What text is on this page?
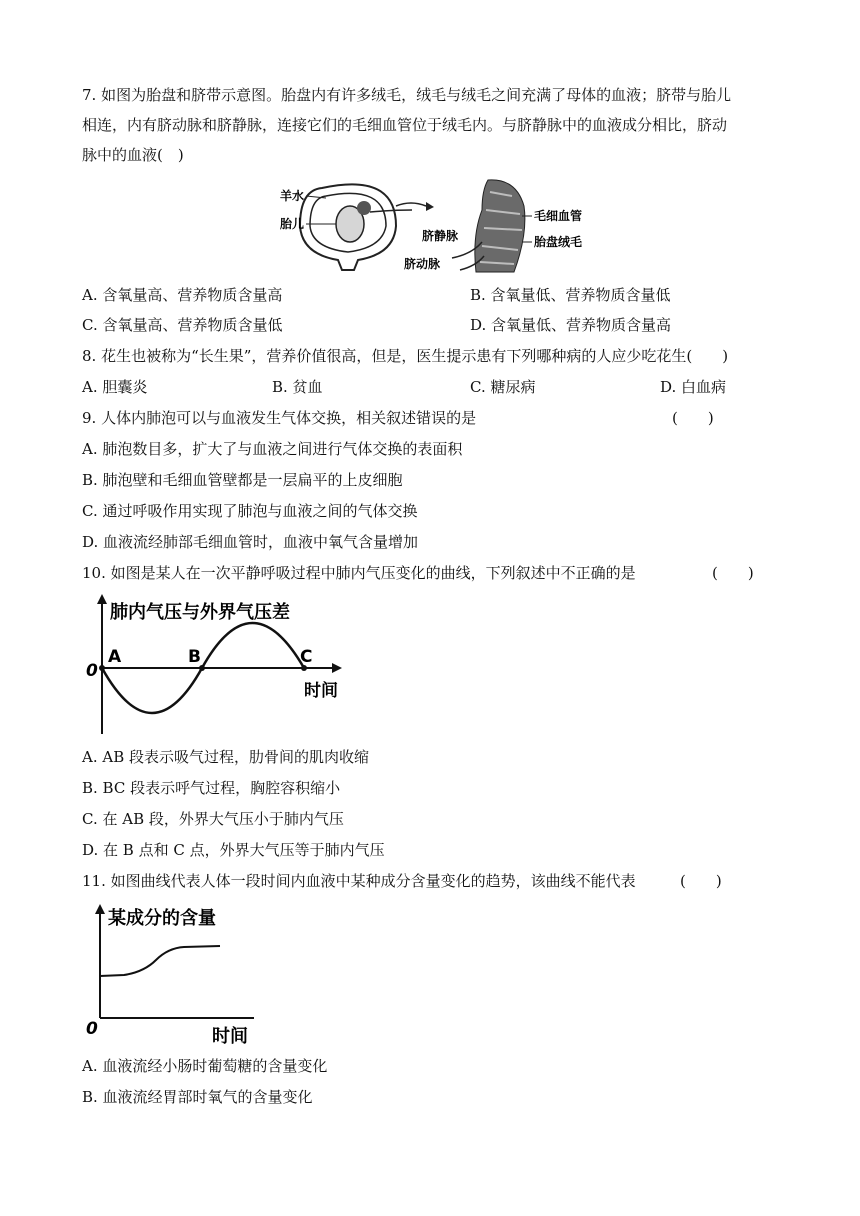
7. 如图为胎盘和脐带示意图。胎盘内有许多绒毛，绒毛与绒毛之间充满了母体的血液；脐带与胎儿
相连，内有脐动脉和脐静脉，连接它们的毛细血管位于绒毛内。与脐静脉中的血液成分相比，脐动
脉中的血液(　)
羊水
胎儿
脐静脉
脐动脉
毛细血管
胎盘绒毛
A. 含氧量高、营养物质含量高	B. 含氧量低、营养物质含量低
C. 含氧量高、营养物质含量低	D. 含氧量低、营养物质含量高
8. 花生也被称为“长生果”，营养价值很高，但是，医生提示患有下列哪种病的人应少吃花生(　　)
A. 胆囊炎	B. 贫血	C. 糖尿病	D. 白血病
9. 人体内肺泡可以与血液发生气体交换，相关叙述错误的是	(　　)
A. 肺泡数目多，扩大了与血液之间进行气体交换的表面积
B. 肺泡壁和毛细血管壁都是一层扁平的上皮细胞
C. 通过呼吸作用实现了肺泡与血液之间的气体交换
D. 血液流经肺部毛细血管时，血液中氧气含量增加
10. 如图是某人在一次平静呼吸过程中肺内气压变化的曲线，下列叙述中不正确的是	(　　)
肺内气压与外界气压差
0
A	B	C
时间
A. AB 段表示吸气过程，肋骨间的肌肉收缩
B. BC 段表示呼气过程，胸腔容积缩小
C. 在 AB 段，外界大气压小于肺内气压
D. 在 B 点和 C 点，外界大气压等于肺内气压
11. 如图曲线代表人体一段时间内血液中某种成分含量变化的趋势，该曲线不能代表	(　　)
某成分的含量
0	时间
A. 血液流经小肠时葡萄糖的含量变化
B. 血液流经胃部时氧气的含量变化
